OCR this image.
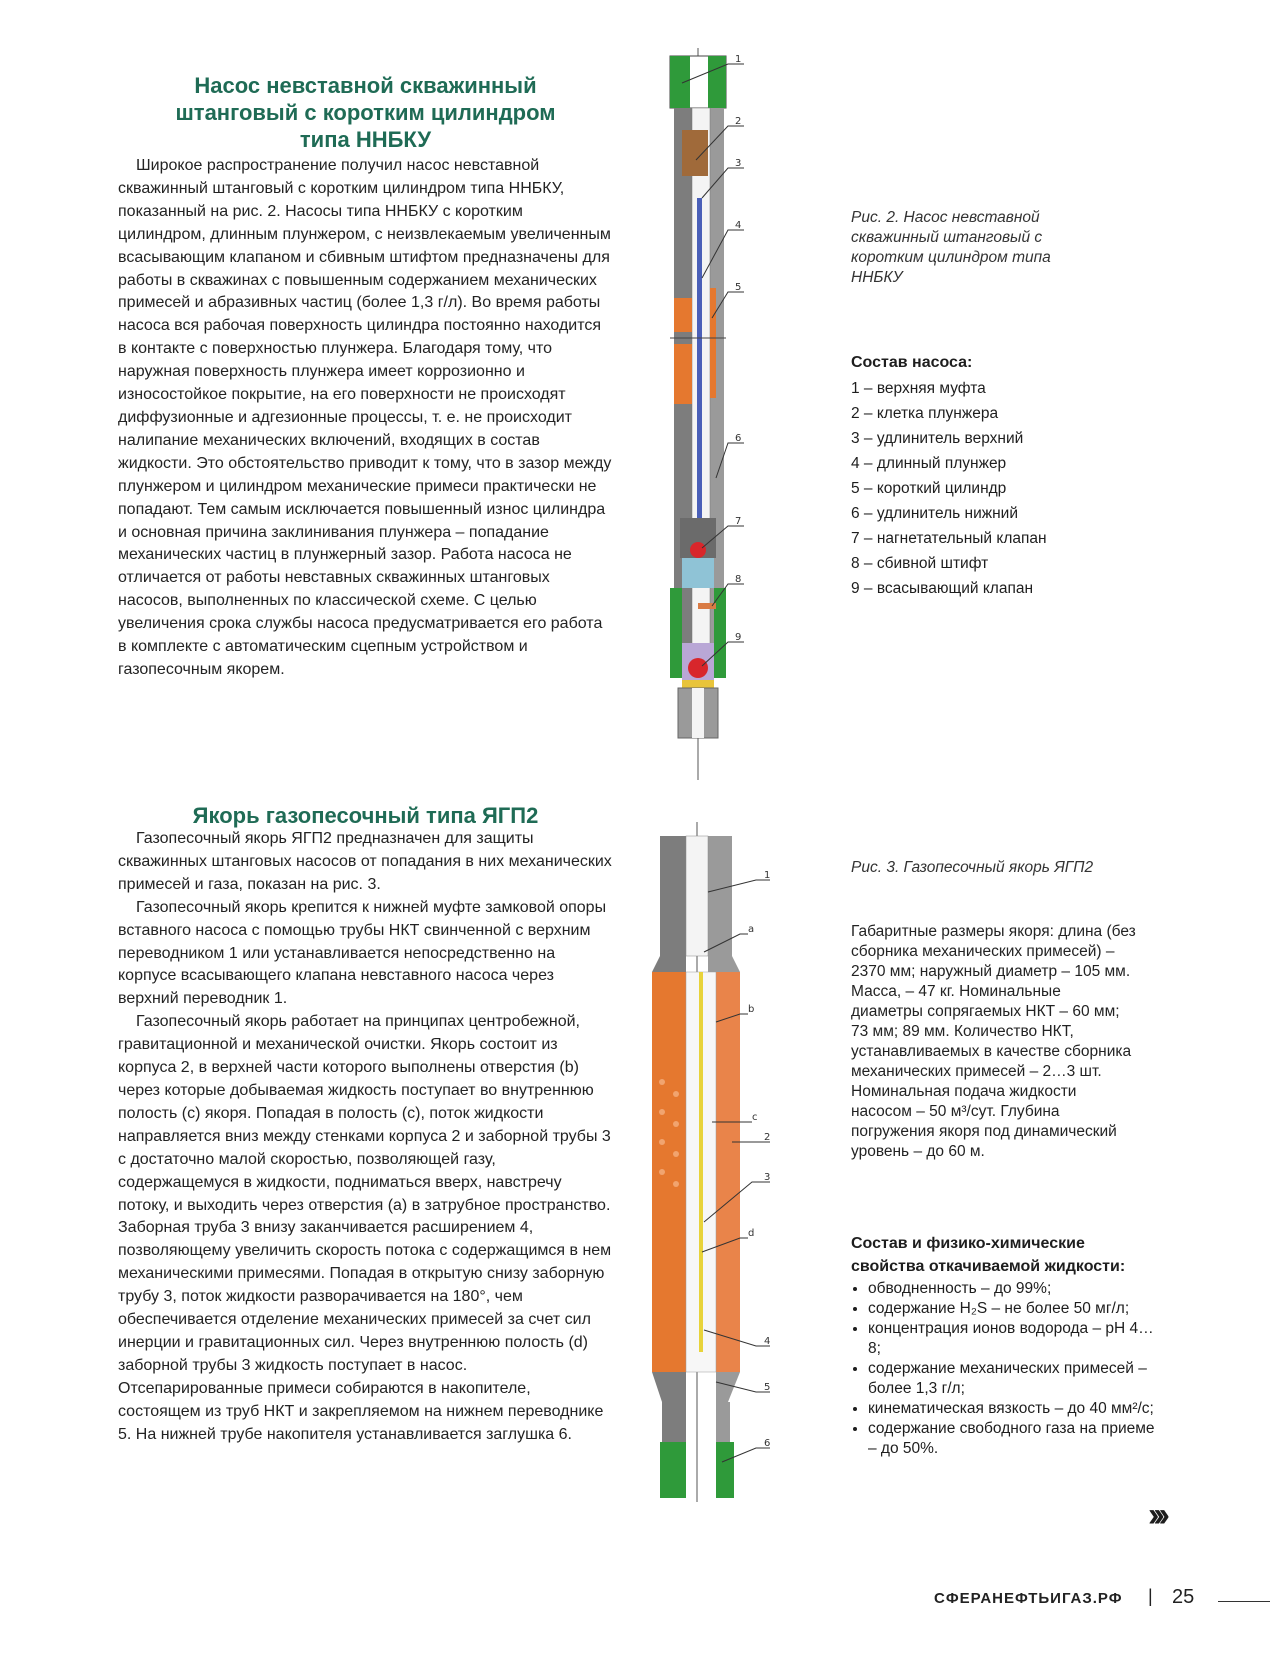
Насос невставной скважинный

штанговый с коротким цилиндром

типа ННБКУ

Широкое распространение получил насос невставной скважинный штанговый с коротким цилиндром типа ННБКУ, показанный на рис. 2. Насосы типа ННБКУ с коротким цилиндром, длинным плунжером, с неизвлекаемым увеличенным всасывающим клапаном и сбивным штифтом предназначены для работы в скважинах с повышенным содержанием механических примесей и абразивных частиц (более 1,3 г/л). Во время работы насоса вся рабочая поверхность цилиндра постоянно находится в контакте с поверхностью плунжера. Благодаря тому, что наружная поверхность плунжера имеет коррозионно и износостойкое покрытие, на его поверхности не происходят диффузионные и адгезионные процессы, т. е. не происходит налипание механических включений, входящих в состав жидкости. Это обстоятельство приводит к тому, что в зазор между плунжером и цилиндром механические примеси практически не попадают. Тем самым исключается повышенный износ цилиндра и основная причина заклинивания плунжера – попадание механических частиц в плунжерный зазор. Работа насоса не отличается от работы невставных скважинных штанговых насосов, выполненных по классической схеме. С целью увеличения срока службы насоса предусматривается его работа в комплекте с автоматическим сцепным устройством и газопесочным якорем.

1
2
3
4
5
6
7
8
9
Рис. 2. Насос невставной скважинный штанговый с коротким цилиндром типа ННБКУ
Состав насоса:
1 – верхняя муфта
2 – клетка плунжера
3 – удлинитель верхний
4 – длинный плунжер
5 – короткий цилиндр
6 – удлинитель нижний
7 – нагнетательный клапан
8 – сбивной штифт
9 – всасывающий клапан

Якорь газопесочный типа ЯГП2

Газопесочный якорь ЯГП2 предназначен для защиты скважинных штанговых насосов от попадания в них механических примесей и газа, показан на рис. 3.

Газопесочный якорь крепится к нижней муфте замковой опоры вставного насоса с помощью трубы НКТ свинченной с верхним переводником 1 или устанавливается непосредственно на корпусе всасывающего клапана невставного насоса через верхний переводник 1.

Газопесочный якорь работает на принципах центробежной, гравитационной и механической очистки. Якорь состоит из корпуса 2, в верхней части которого выполнены отверстия (b) через которые добываемая жидкость поступает во внутреннюю полость (c) якоря. Попадая в полость (c), поток жидкости направляется вниз между стенками корпуса 2 и заборной трубы 3 с достаточно малой скоростью, позволяющей газу, содержащемуся в жидкости, подниматься вверх, навстречу потоку, и выходить через отверстия (a) в затрубное пространство. Заборная труба 3 внизу заканчивается расширением 4, позволяющему увеличить скорость потока с содержащимся в нем механическими примесями. Попадая в открытую снизу заборную трубу 3, поток жидкости разворачивается на 180°, чем обеспечивается отделение механических примесей за счет сил инерции и гравитационных сил. Через внутреннюю полость (d) заборной трубы 3 жидкость поступает в насос. Отсепарированные примеси собираются в накопителе, состоящем из труб НКТ и закрепляемом на нижнем переводнике 5. На нижней трубе накопителя устанавливается заглушка 6.

1
a
b
c
2
3
d
4
5
6
Рис. 3. Газопесочный якорь ЯГП2
Габаритные размеры якоря: длина (без сборника механических примесей) – 2370 мм; наружный диаметр – 105 мм. Масса, – 47 кг. Номинальные диаметры сопрягаемых НКТ – 60 мм; 73 мм; 89 мм. Количество НКТ, устанавливаемых в качестве сборника механических примесей – 2…3 шт. Номинальная подача жидкости насосом – 50 м³/сут. Глубина погружения якоря под динамический уровень – до 60 м.
Состав и физико-химические свойства откачиваемой жидкости:
• обводненность – до 99%;
• содержание H₂S – не более 50 мг/л;
• концентрация ионов водорода – pH 4…8;
• содержание механических примесей – более 1,3 г/л;
• кинематическая вязкость – до 40 мм²/с;
• содержание свободного газа на приеме – до 50%.
›››
СФЕРАНЕФТЬИГАЗ.РФ | 25
